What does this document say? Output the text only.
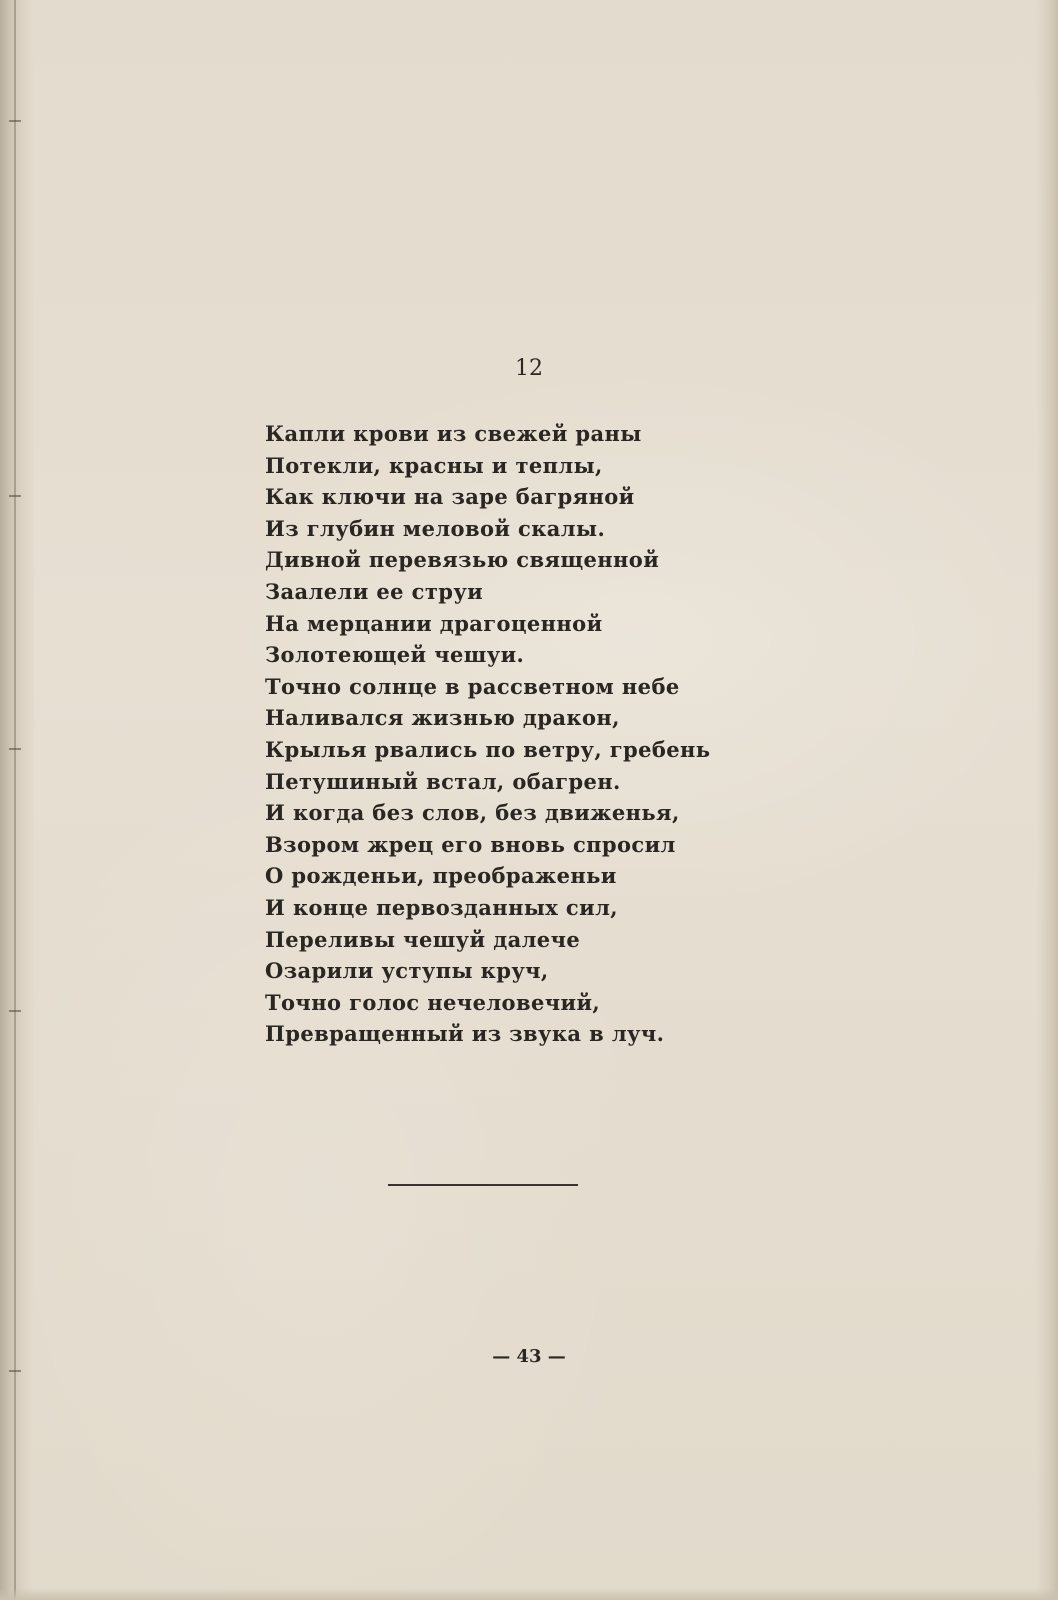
12
Капли крови из свежей раны
Потекли, красны и теплы,
Как ключи на заре багряной
Из глубин меловой скалы.
Дивной перевязью священной
Заалели ее струи
На мерцании драгоценной
Золотеющей чешуи.
Точно солнце в рассветном небе
Наливался жизнью дракон,
Крылья рвались по ветру, гребень
Петушиный встал, обагрен.
И когда без слов, без движенья,
Взором жрец его вновь спросил
О рожденьи, преображеньи
И конце первозданных сил,
Переливы чешуй далече
Озарили уступы круч,
Точно голос нечеловечий,
Превращенный из звука в луч.
— 43 —
